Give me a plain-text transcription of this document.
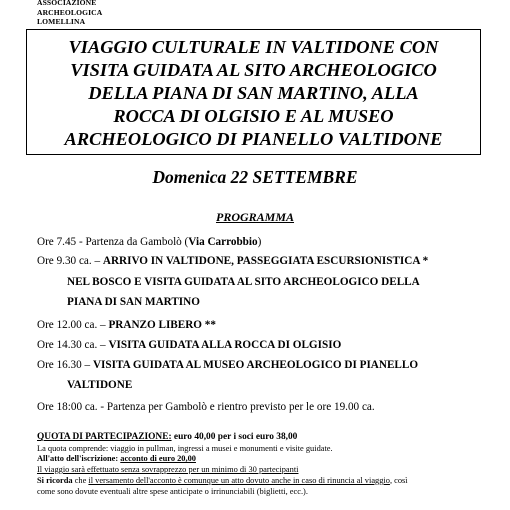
ASSOCIAZIONE
ARCHEOLOGICA
LOMELLINA
VIAGGIO CULTURALE IN VALTIDONE CON
VISITA GUIDATA AL SITO ARCHEOLOGICO
DELLA PIANA DI SAN MARTINO, ALLA
ROCCA DI OLGISIO E AL MUSEO
ARCHEOLOGICO DI PIANELLO VALTIDONE
Domenica 22 SETTEMBRE
PROGRAMMA
Ore 7.45 - Partenza da Gambolò (Via Carrobbio)
Ore 9.30 ca. – ARRIVO IN VALTIDONE, PASSEGGIATA ESCURSIONISTICA *
NEL BOSCO E VISITA GUIDATA AL SITO ARCHEOLOGICO DELLA
PIANA DI SAN MARTINO
Ore 12.00 ca. – PRANZO LIBERO **
Ore 14.30 ca. – VISITA GUIDATA ALLA ROCCA DI OLGISIO
Ore 16.30 – VISITA GUIDATA AL MUSEO ARCHEOLOGICO DI PIANELLO
VALTIDONE
Ore 18:00 ca. - Partenza per Gambolò e rientro previsto per le ore 19.00 ca.
QUOTA DI PARTECIPAZIONE: euro 40,00 per i soci euro 38,00
La quota comprende: viaggio in pullman, ingressi a musei e monumenti e visite guidate.
All'atto dell'iscrizione: acconto di euro 20,00
Il viaggio sarà effettuato senza sovrapprezzo per un minimo di 30 partecipanti
Si ricorda che il versamento dell'acconto è comunque un atto dovuto anche in caso di rinuncia al viaggio, così
come sono dovute eventuali altre spese anticipate o irrinunciabili (biglietti, ecc.).
